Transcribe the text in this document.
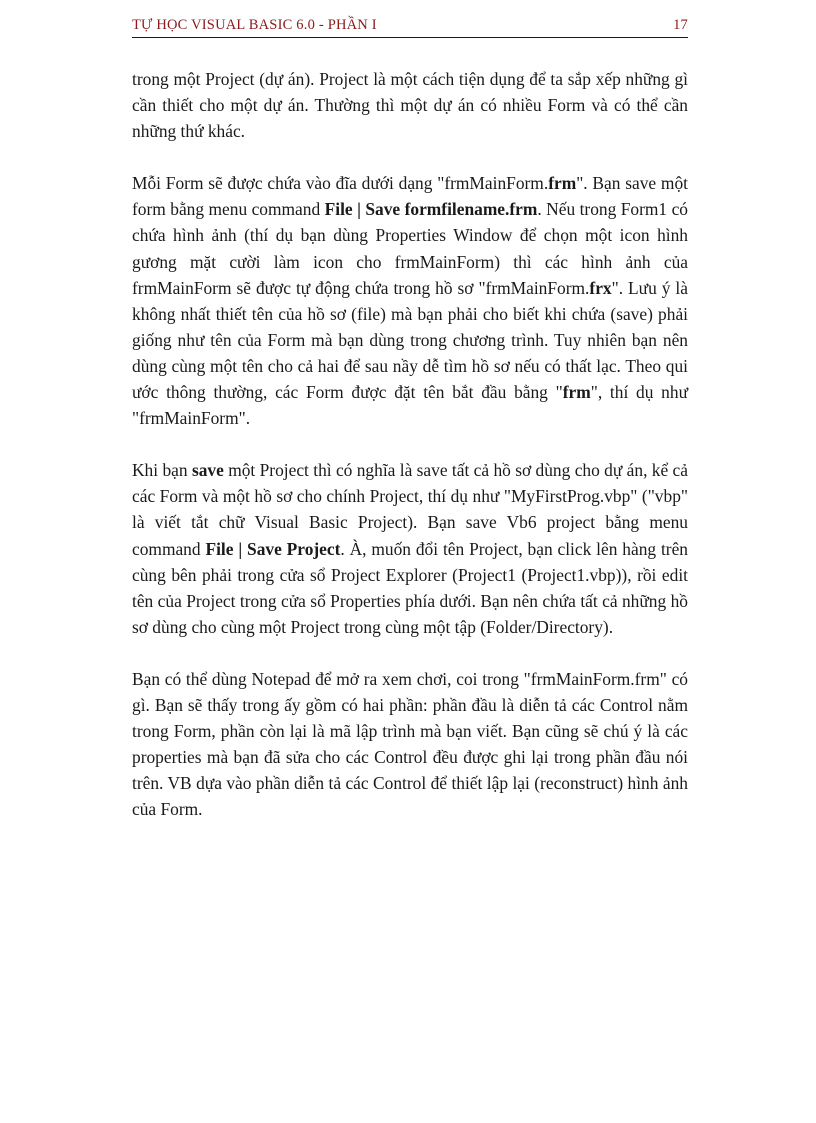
TỰ HỌC VISUAL BASIC 6.0 - PHẦN I	17

trong một Project (dự án). Project là một cách tiện dụng để ta sắp xếp những gì cần thiết cho một dự án. Thường thì một dự án có nhiều Form và có thể cần những thứ khác.

Mỗi Form sẽ được chứa vào đĩa dưới dạng "frmMainForm.frm". Bạn save một form bằng menu command File | Save formfilename.frm. Nếu trong Form1 có chứa hình ảnh (thí dụ bạn dùng Properties Window để chọn một icon hình gương mặt cười làm icon cho frmMainForm) thì các hình ảnh của frmMainForm sẽ được tự động chứa trong hồ sơ "frmMainForm.frx". Lưu ý là không nhất thiết tên của hồ sơ (file) mà bạn phải cho biết khi chứa (save) phải giống như tên của Form mà bạn dùng trong chương trình. Tuy nhiên bạn nên dùng cùng một tên cho cả hai để sau nầy dễ tìm hồ sơ nếu có thất lạc. Theo qui ước thông thường, các Form được đặt tên bắt đầu bằng "frm", thí dụ như "frmMainForm".

Khi bạn save một Project thì có nghĩa là save tất cả hồ sơ dùng cho dự án, kể cả các Form và một hồ sơ cho chính Project, thí dụ như "MyFirstProg.vbp" ("vbp" là viết tắt chữ Visual Basic Project). Bạn save Vb6 project bằng menu command File | Save Project. À, muốn đổi tên Project, bạn click lên hàng trên cùng bên phải trong cửa sổ Project Explorer (Project1 (Project1.vbp)), rồi edit tên của Project trong cửa sổ Properties phía dưới. Bạn nên chứa tất cả những hồ sơ dùng cho cùng một Project trong cùng một tập (Folder/Directory).

Bạn có thể dùng Notepad để mở ra xem chơi, coi trong "frmMainForm.frm" có gì. Bạn sẽ thấy trong ấy gồm có hai phần: phần đầu là diễn tả các Control nằm trong Form, phần còn lại là mã lập trình mà bạn viết. Bạn cũng sẽ chú ý là các properties mà bạn đã sửa cho các Control đều được ghi lại trong phần đầu nói trên. VB dựa vào phần diễn tả các Control để thiết lập lại (reconstruct) hình ảnh của Form.
